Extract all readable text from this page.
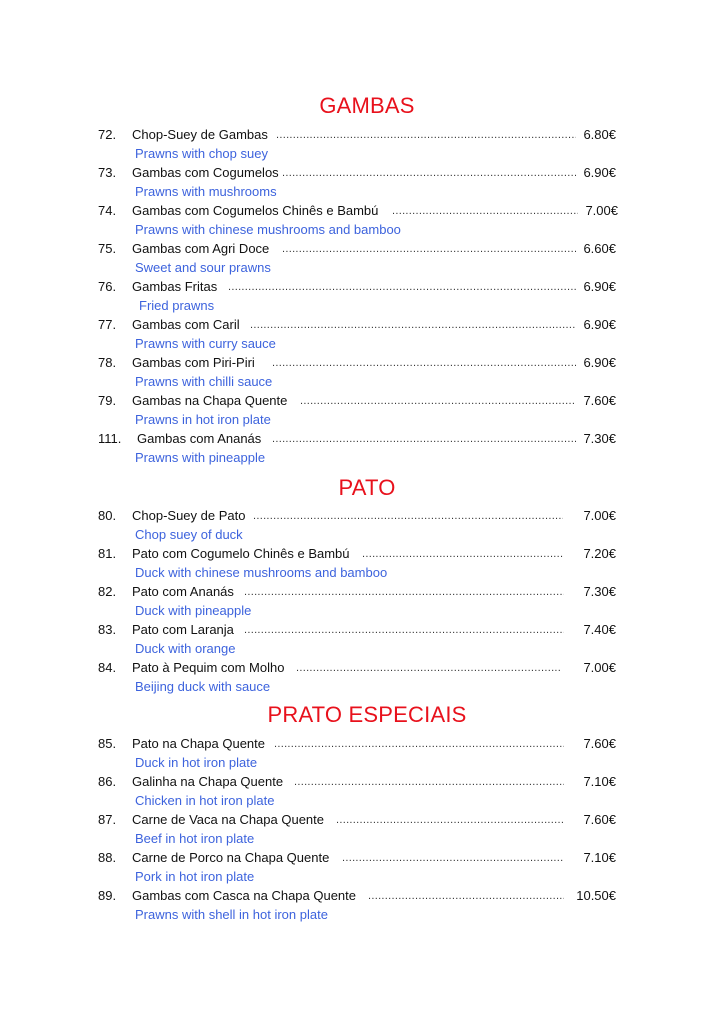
GAMBAS
72. Chop-Suey de Gambas .....	6.80€
Prawns with chop suey
73. Gambas com Cogumelos .....	6.90€
Prawns with mushrooms
74. Gambas com Cogumelos Chinês e Bambú .....	7.00€
Prawns with chinese mushrooms and bamboo
75. Gambas com Agri Doce .....	6.60€
Sweet and sour prawns
76. Gambas Fritas .....	6.90€
Fried prawns
77. Gambas com Caril .....	6.90€
Prawns with curry sauce
78. Gambas com Piri-Piri .....	6.90€
Prawns with chilli sauce
79. Gambas na Chapa Quente .....	7.60€
Prawns in hot iron plate
111. Gambas com Ananás .....	7.30€
Prawns with pineapple
PATO
80. Chop-Suey de Pato .....	7.00€
Chop suey of duck
81. Pato com Cogumelo Chinês e Bambú .....	7.20€
Duck with chinese mushrooms and bamboo
82. Pato com Ananás .....	7.30€
Duck with pineapple
83. Pato com Laranja .....	7.40€
Duck with orange
84. Pato à Pequim com Molho .....	7.00€
Beijing duck with sauce
PRATO ESPECIAIS
85. Pato na Chapa Quente .....	7.60€
Duck in hot iron plate
86. Galinha na Chapa Quente .....	7.10€
Chicken in hot iron plate
87. Carne de Vaca na Chapa Quente .....	7.60€
Beef in hot iron plate
88. Carne de Porco na Chapa Quente .....	7.10€
Pork in hot iron plate
89. Gambas com Casca na Chapa Quente .....	10.50€
Prawns with shell in hot iron plate
